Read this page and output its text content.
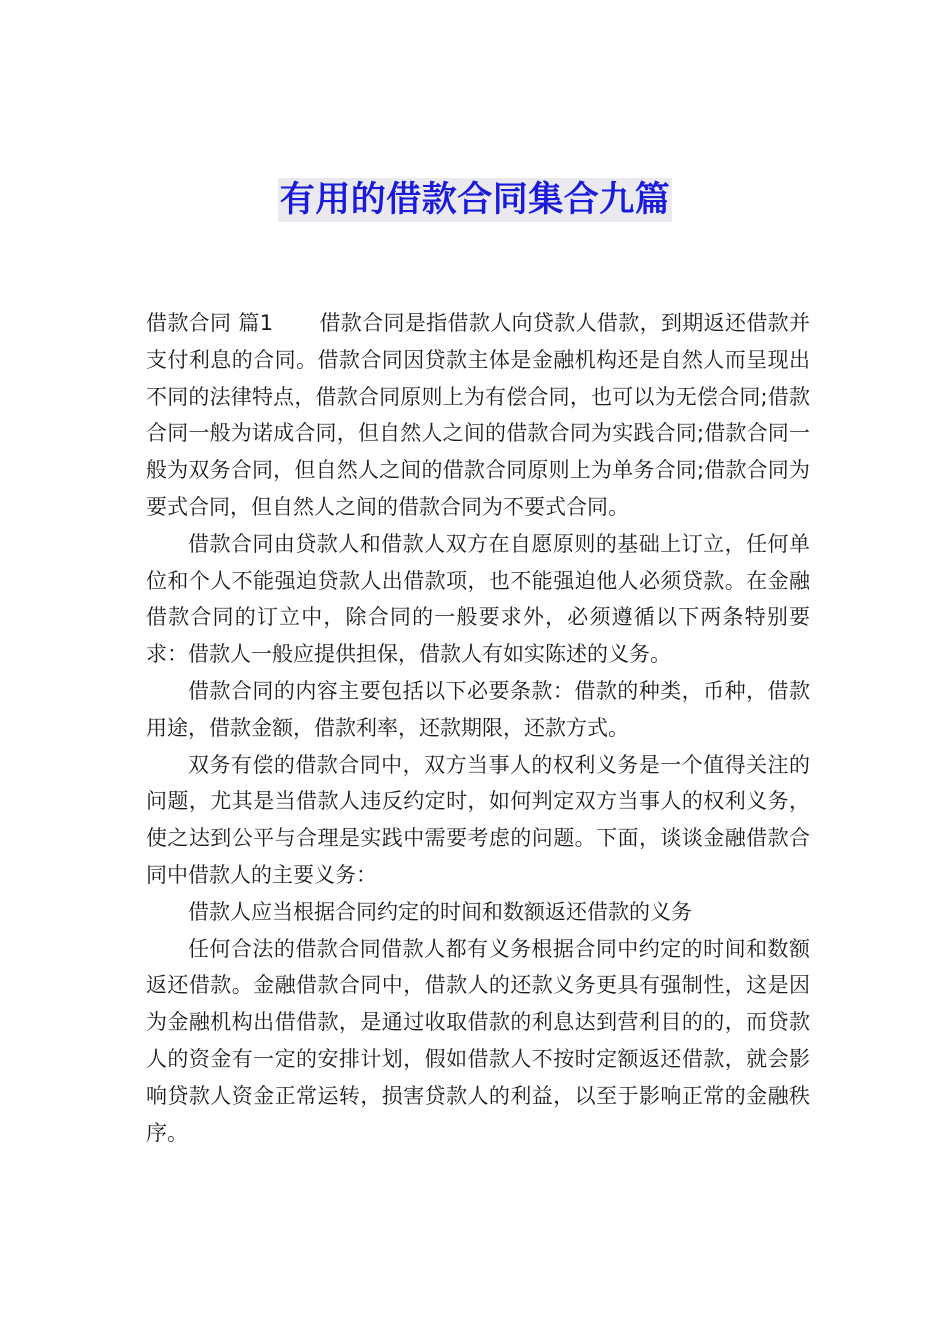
有用的借款合同集合九篇

借款合同 篇1 借款合同是指借款人向贷款人借款，到期返还借款并支付利息的合同。借款合同因贷款主体是金融机构还是自然人而呈现出不同的法律特点，借款合同原则上为有偿合同，也可以为无偿合同;借款合同一般为诺成合同，但自然人之间的借款合同为实践合同;借款合同一般为双务合同，但自然人之间的借款合同原则上为单务合同;借款合同为要式合同，但自然人之间的借款合同为不要式合同。

借款合同由贷款人和借款人双方在自愿原则的基础上订立，任何单位和个人不能强迫贷款人出借款项，也不能强迫他人必须贷款。在金融借款合同的订立中，除合同的一般要求外，必须遵循以下两条特别要求：借款人一般应提供担保，借款人有如实陈述的义务。

借款合同的内容主要包括以下必要条款：借款的种类，币种，借款用途，借款金额，借款利率，还款期限，还款方式。

双务有偿的借款合同中，双方当事人的权利义务是一个值得关注的问题，尤其是当借款人违反约定时，如何判定双方当事人的权利义务，使之达到公平与合理是实践中需要考虑的问题。下面，谈谈金融借款合同中借款人的主要义务：

借款人应当根据合同约定的时间和数额返还借款的义务

任何合法的借款合同借款人都有义务根据合同中约定的时间和数额返还借款。金融借款合同中，借款人的还款义务更具有强制性，这是因为金融机构出借借款，是通过收取借款的利息达到营利目的的，而贷款人的资金有一定的安排计划，假如借款人不按时定额返还借款，就会影响贷款人资金正常运转，损害贷款人的利益，以至于影响正常的金融秩序。
